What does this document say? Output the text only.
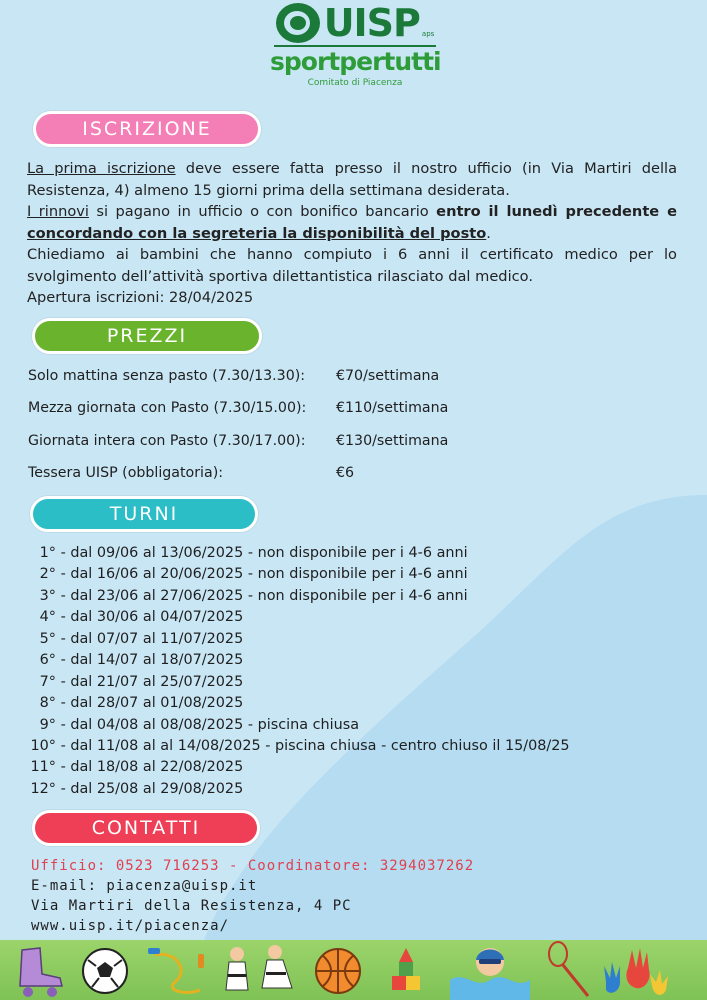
UISP aps
sportpertutti
Comitato di Piacenza
ISCRIZIONE

La prima iscrizione deve essere fatta presso il nostro ufficio (in Via Martiri della Resistenza, 4) almeno 15 giorni prima della settimana desiderata.

I rinnovi si pagano in ufficio o con bonifico bancario entro il lunedì precedente e concordando con la segreteria la disponibilità del posto.

Chiediamo ai bambini che hanno compiuto i 6 anni il certificato medico per lo svolgimento dell’attività sportiva dilettantistica rilasciato dal medico.

Apertura iscrizioni: 28/04/2025

PREZZI
Solo mattina senza pasto (7.30/13.30): €70/settimana
Mezza giornata con Pasto (7.30/15.00): €110/settimana
Giornata intera con Pasto (7.30/17.00): €130/settimana
Tessera UISP (obbligatoria):	€6
TURNI
1° - dal 09/06 al 13/06/2025 - non disponibile per i 4-6 anni
2° - dal 16/06 al 20/06/2025 - non disponibile per i 4-6 anni
3° - dal 23/06 al 27/06/2025 - non disponibile per i 4-6 anni
4° - dal 30/06 al 04/07/2025
5° - dal 07/07 al 11/07/2025
6° - dal 14/07 al 18/07/2025
7° - dal 21/07 al 25/07/2025
8° - dal 28/07 al 01/08/2025
9° - dal 04/08 al 08/08/2025 - piscina chiusa
10° - dal 11/08 al al 14/08/2025 - piscina chiusa - centro chiuso il 15/08/25
11° - dal 18/08 al 22/08/2025
12° - dal 25/08 al 29/08/2025
CONTATTI
Ufficio: 0523 716253 - Coordinatore: 3294037262
E-mail: piacenza@uisp.it
Via Martiri della Resistenza, 4 PC
www.uisp.it/piacenza/
